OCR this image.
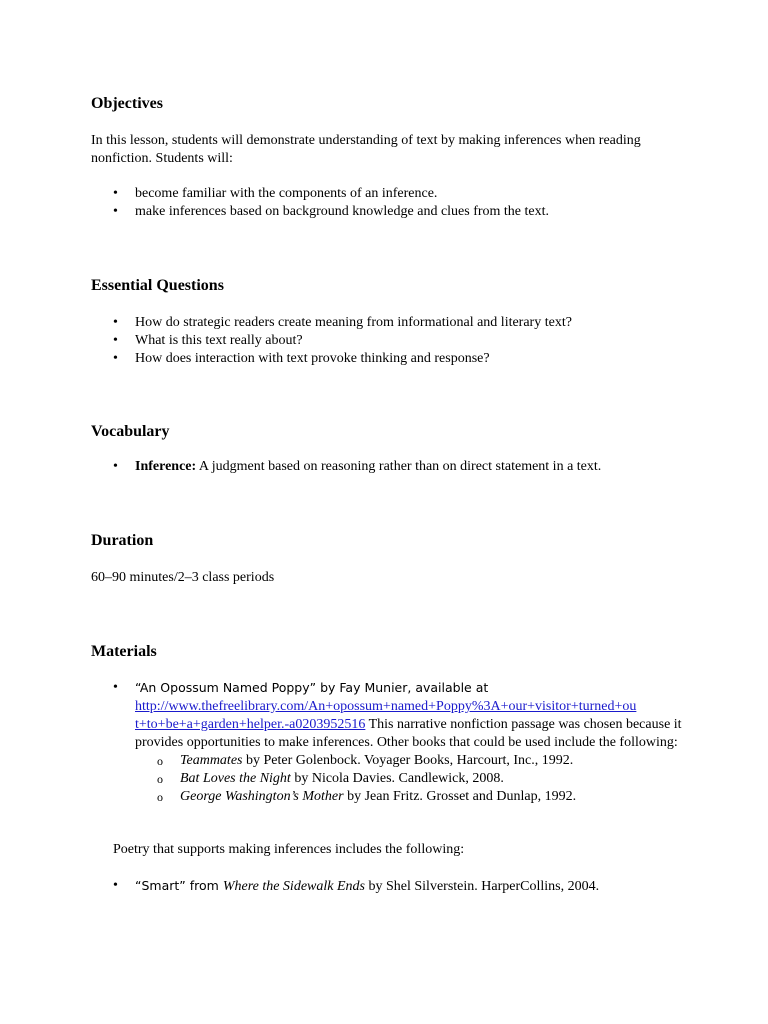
Objectives

In this lesson, students will demonstrate understanding of text by making inferences when reading nonfiction. Students will:

• become familiar with the components of an inference.
• make inferences based on background knowledge and clues from the text.
Essential Questions
• How do strategic readers create meaning from informational and literary text?
• What is this text really about?
• How does interaction with text provoke thinking and response?
Vocabulary
• Inference: A judgment based on reasoning rather than on direct statement in a text.
Duration

60–90 minutes/2–3 class periods

Materials
• “An Opossum Named Poppy” by Fay Munier, available at
http://www.thefreelibrary.com/An+opossum+named+Poppy%3A+our+visitor+turned+ou
t+to+be+a+garden+helper.-a0203952516 This narrative nonfiction passage was chosen because it provides opportunities to make inferences. Other books that could be used include the following:
o Teammates by Peter Golenbock. Voyager Books, Harcourt, Inc., 1992.
o Bat Loves the Night by Nicola Davies. Candlewick, 2008.
o George Washington’s Mother by Jean Fritz. Grosset and Dunlap, 1992.

Poetry that supports making inferences includes the following:

• “Smart” from Where the Sidewalk Ends by Shel Silverstein. HarperCollins, 2004.
